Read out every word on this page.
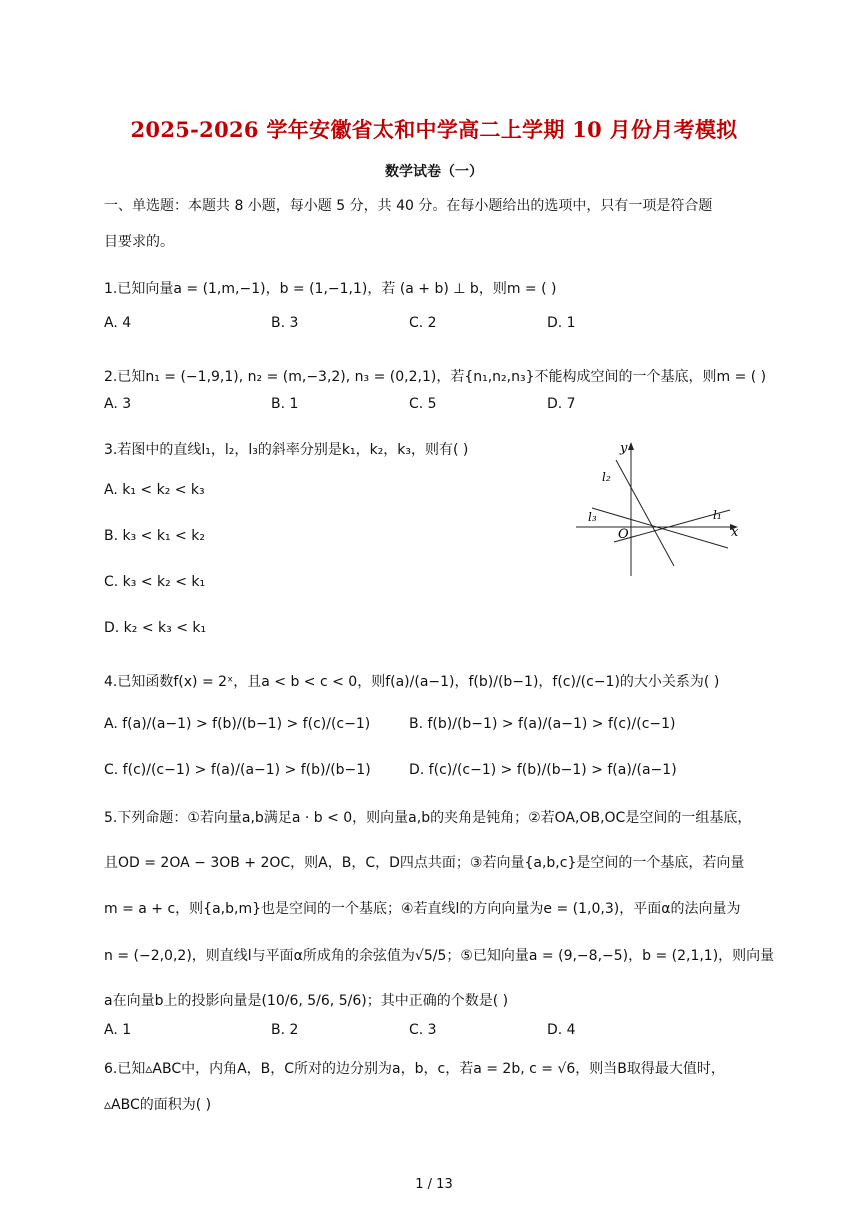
2025-2026 学年安徽省太和中学高二上学期 10 月份月考模拟
数学试卷（一）
一、单选题：本题共 8 小题，每小题 5 分，共 40 分。在每小题给出的选项中，只有一项是符合题
目要求的。
1.已知向量a = (1,m,−1)，b = (1,−1,1)，若 (a + b) ⊥ b，则m = ( )
A. 4	B. 3	C. 2	D. 1
2.已知n₁ = (−1,9,1), n₂ = (m,−3,2), n₃ = (0,2,1)，若{n₁,n₂,n₃}不能构成空间的一个基底，则m = ( )
A. 3	B. 1	C. 5	D. 7
3.若图中的直线l₁，l₂，l₃的斜率分别是k₁，k₂，k₃，则有( )
A. k₁ < k₂ < k₃
B. k₃ < k₁ < k₂
C. k₃ < k₂ < k₁
D. k₂ < k₃ < k₁
y
x
O
l₁
l₂
l₃
4.已知函数f(x) = 2ˣ，且a < b < c < 0，则f(a)/(a−1)，f(b)/(b−1)，f(c)/(c−1)的大小关系为( )
A. f(a)/(a−1) > f(b)/(b−1) > f(c)/(c−1)	B. f(b)/(b−1) > f(a)/(a−1) > f(c)/(c−1)
C. f(c)/(c−1) > f(a)/(a−1) > f(b)/(b−1)	D. f(c)/(c−1) > f(b)/(b−1) > f(a)/(a−1)
5.下列命题：①若向量a,b满足a · b < 0，则向量a,b的夹角是钝角；②若OA,OB,OC是空间的一组基底，
且OD = 2OA − 3OB + 2OC，则A，B，C，D四点共面；③若向量{a,b,c}是空间的一个基底，若向量
m = a + c，则{a,b,m}也是空间的一个基底；④若直线l的方向向量为e = (1,0,3)，平面α的法向量为
n = (−2,0,2)，则直线l与平面α所成角的余弦值为√5/5；⑤已知向量a = (9,−8,−5)，b = (2,1,1)，则向量
a在向量b上的投影向量是(10/6, 5/6, 5/6)；其中正确的个数是( )
A. 1	B. 2	C. 3	D. 4
6.已知▵ABC中，内角A，B，C所对的边分别为a，b，c，若a = 2b, c = √6，则当B取得最大值时，
▵ABC的面积为( )
1 / 13
